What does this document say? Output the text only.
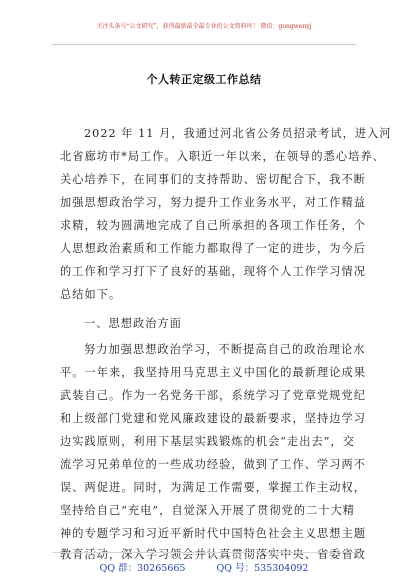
关注头条号“公文研究”，获得最新最全最专业的公文资料库！ 微信：gongwenyj
个人转正定级工作总结
2022 年 11 月，我通过河北省公务员招录考试，进入河
北省廊坊市*局工作。入职近一年以来，在领导的悉心培养、
关心培养下，在同事们的支持帮助、密切配合下，我不断
加强思想政治学习，努力提升工作业务水平，对工作精益
求精，较为圆满地完成了自己所承担的各项工作任务，个
人思想政治素质和工作能力都取得了一定的进步，为今后
的工作和学习打下了良好的基础，现将个人工作学习情况
总结如下。
一、思想政治方面
努力加强思想政治学习，不断提高自己的政治理论水
平。一年来，我坚持用马克思主义中国化的最新理论成果
武装自己。作为一名党务干部，系统学习了党章党规党纪
和上级部门党建和党风廉政建设的最新要求，坚持边学习
边实践原则，利用下基层实践锻炼的机会“走出去”，交
流学习兄弟单位的一些成功经验，做到了工作、学习两不
误、两促进。同时，为满足工作需要，掌握工作主动权，
坚持给自己“充电”，自觉深入开展了贯彻党的二十大精
神的专题学习和习近平新时代中国特色社会主义思想主题
教育活动，深入学习领会并认真贯彻落实中央、省委省政
QQ 群：30265665	QQ 号：535304092
